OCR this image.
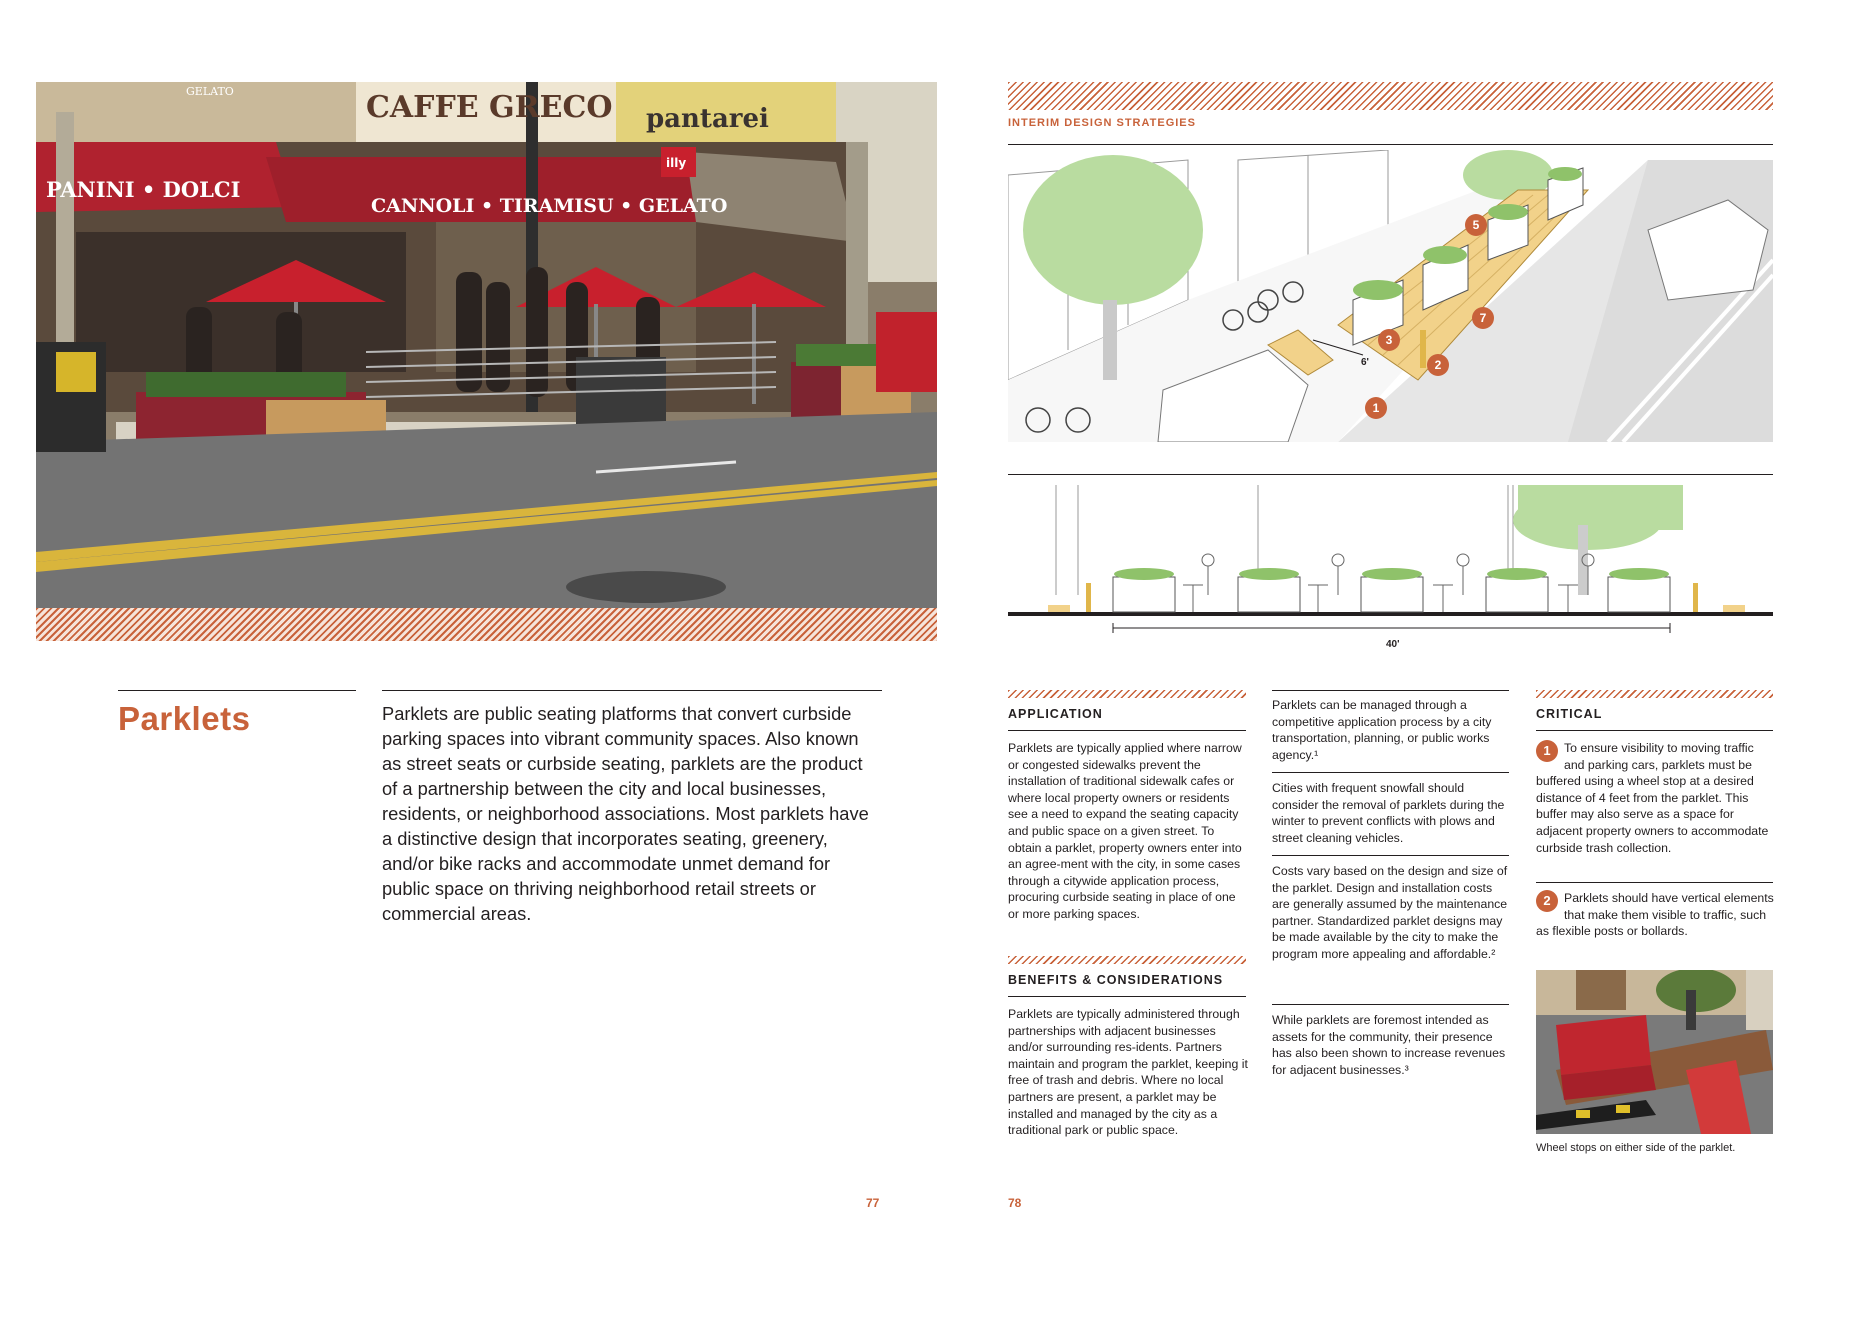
GELATO	CAFFE GRECO pantarei
PANINI • DOLCI
CANNOLI • TIRAMISU • GELATO
illy
Parklets	Parklets are public seating platforms that convert curbside parking spaces into vibrant community spaces. Also known as street seats or curbside seating, parklets are the product of a partnership between the city and local businesses, residents, or neighborhood associations. Most parklets have a distinctive design that incorporates seating, greenery, and/or bike racks and accommodate unmet demand for public space on thriving neighborhood retail streets or commercial areas.
77
INTERIM DESIGN STRATEGIES
6'
1
2
3
5
7
40'
APPLICATION
Parklets are typically applied where narrow or congested sidewalks prevent the installation of traditional sidewalk cafes or where local property owners or residents see a need to expand the seating capacity and public space on a given street. To obtain a parklet, property owners enter into an agree-ment with the city, in some cases through a citywide application process, procuring curbside seating in place of one or more parking spaces.
BENEFITS & CONSIDERATIONS
Parklets are typically administered through partnerships with adjacent businesses and/or surrounding res-idents. Partners maintain and program the parklet, keeping it free of trash and debris. Where no local partners are present, a parklet may be installed and managed by the city as a traditional park or public space.
Parklets can be managed through a competitive application process by a city transportation, planning, or public works agency.¹
Cities with frequent snowfall should consider the removal of parklets during the winter to prevent conflicts with plows and street cleaning vehicles.
Costs vary based on the design and size of the parklet. Design and installation costs are generally assumed by the maintenance partner. Standardized parklet designs may be made available by the city to make the program more appealing and affordable.²
While parklets are foremost intended as assets for the community, their presence has also been shown to increase revenues for adjacent businesses.³
CRITICAL
1	To ensure visibility to moving traffic and parking cars, parklets must be buffered using a wheel stop at a desired distance of 4 feet from the parklet. This buffer may also serve as a space for adjacent property owners to accommodate curbside trash collection.
2	Parklets should have vertical elements that make them visible to traffic, such as flexible posts or bollards.
Wheel stops on either side of the parklet.
78
